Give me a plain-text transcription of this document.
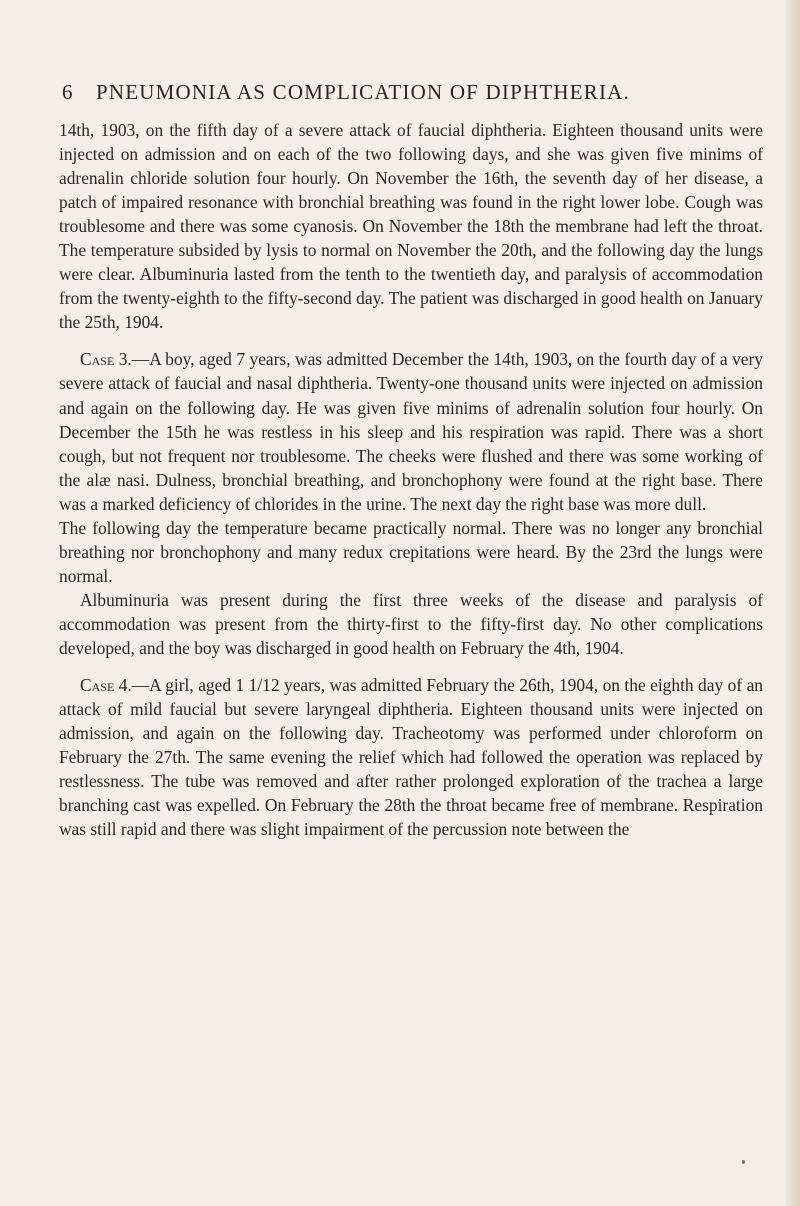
6 PNEUMONIA AS COMPLICATION OF DIPHTHERIA.

14th, 1903, on the fifth day of a severe attack of faucial diphtheria. Eighteen thousand units were injected on admission and on each of the two following days, and she was given five minims of adrenalin chloride solution four hourly. On November the 16th, the seventh day of her disease, a patch of impaired resonance with bronchial breathing was found in the right lower lobe. Cough was troublesome and there was some cyanosis. On November the 18th the membrane had left the throat. The temperature subsided by lysis to normal on November the 20th, and the following day the lungs were clear. Albuminuria lasted from the tenth to the twentieth day, and paralysis of accommodation from the twenty-eighth to the fifty-second day. The patient was discharged in good health on January the 25th, 1904.

Case 3.—A boy, aged 7 years, was admitted December the 14th, 1903, on the fourth day of a very severe attack of faucial and nasal diphtheria. Twenty-one thousand units were injected on admission and again on the following day. He was given five minims of adrenalin solution four hourly. On December the 15th he was restless in his sleep and his respiration was rapid. There was a short cough, but not frequent nor troublesome. The cheeks were flushed and there was some working of the alæ nasi. Dulness, bronchial breathing, and bronchophony were found at the right base. There was a marked deficiency of chlorides in the urine. The next day the right base was more dull.

The following day the temperature became practically normal. There was no longer any bronchial breathing nor bronchophony and many redux crepitations were heard. By the 23rd the lungs were normal.

Albuminuria was present during the first three weeks of the disease and paralysis of accommodation was present from the thirty-first to the fifty-first day. No other complications developed, and the boy was discharged in good health on February the 4th, 1904.

Case 4.—A girl, aged 1 1/12 years, was admitted February the 26th, 1904, on the eighth day of an attack of mild faucial but severe laryngeal diphtheria. Eighteen thousand units were injected on admission, and again on the following day. Tracheotomy was performed under chloroform on February the 27th. The same evening the relief which had followed the operation was replaced by restlessness. The tube was removed and after rather prolonged exploration of the trachea a large branching cast was expelled. On February the 28th the throat became free of membrane. Respiration was still rapid and there was slight impairment of the percussion note between the
